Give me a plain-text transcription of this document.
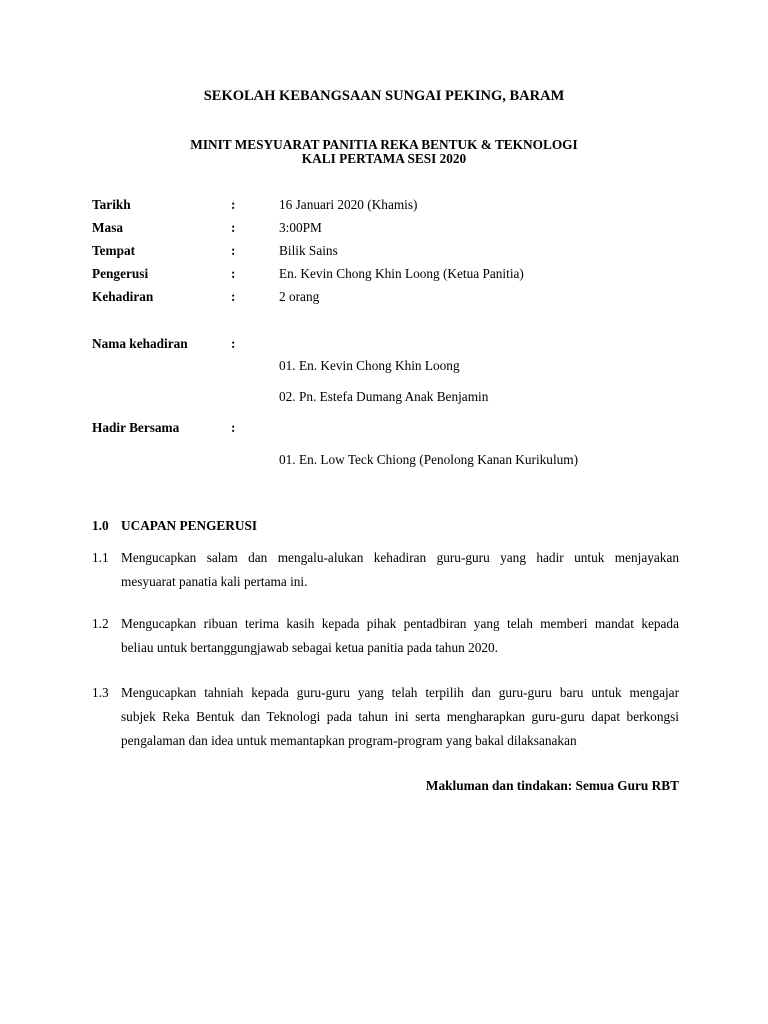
SEKOLAH KEBANGSAAN SUNGAI PEKING, BARAM
MINIT MESYUARAT PANITIA REKA BENTUK & TEKNOLOGI
KALI PERTAMA SESI 2020
Tarikh	:	16 Januari 2020 (Khamis)
Masa	:	3:00PM
Tempat	:	Bilik Sains
Pengerusi	:	En. Kevin Chong Khin Loong (Ketua Panitia)
Kehadiran	:	2 orang
Nama kehadiran	:
01. En. Kevin Chong Khin Loong
02. Pn. Estefa Dumang Anak Benjamin
Hadir Bersama	:
01. En. Low Teck Chiong (Penolong Kanan Kurikulum)
1.0 UCAPAN PENGERUSI
1.1 Mengucapkan salam dan mengalu-alukan kehadiran guru-guru yang hadir untuk menjayakan
mesyuarat panatia kali pertama ini.
1.2 Mengucapkan ribuan terima kasih kepada pihak pentadbiran yang telah memberi mandat kepada
beliau untuk bertanggungjawab sebagai ketua panitia pada tahun 2020.
1.3 Mengucapkan tahniah kepada guru-guru yang telah terpilih dan guru-guru baru untuk mengajar
subjek Reka Bentuk dan Teknologi pada tahun ini serta mengharapkan guru-guru dapat berkongsi
pengalaman dan idea untuk memantapkan program-program yang bakal dilaksanakan
Makluman dan tindakan: Semua Guru RBT
